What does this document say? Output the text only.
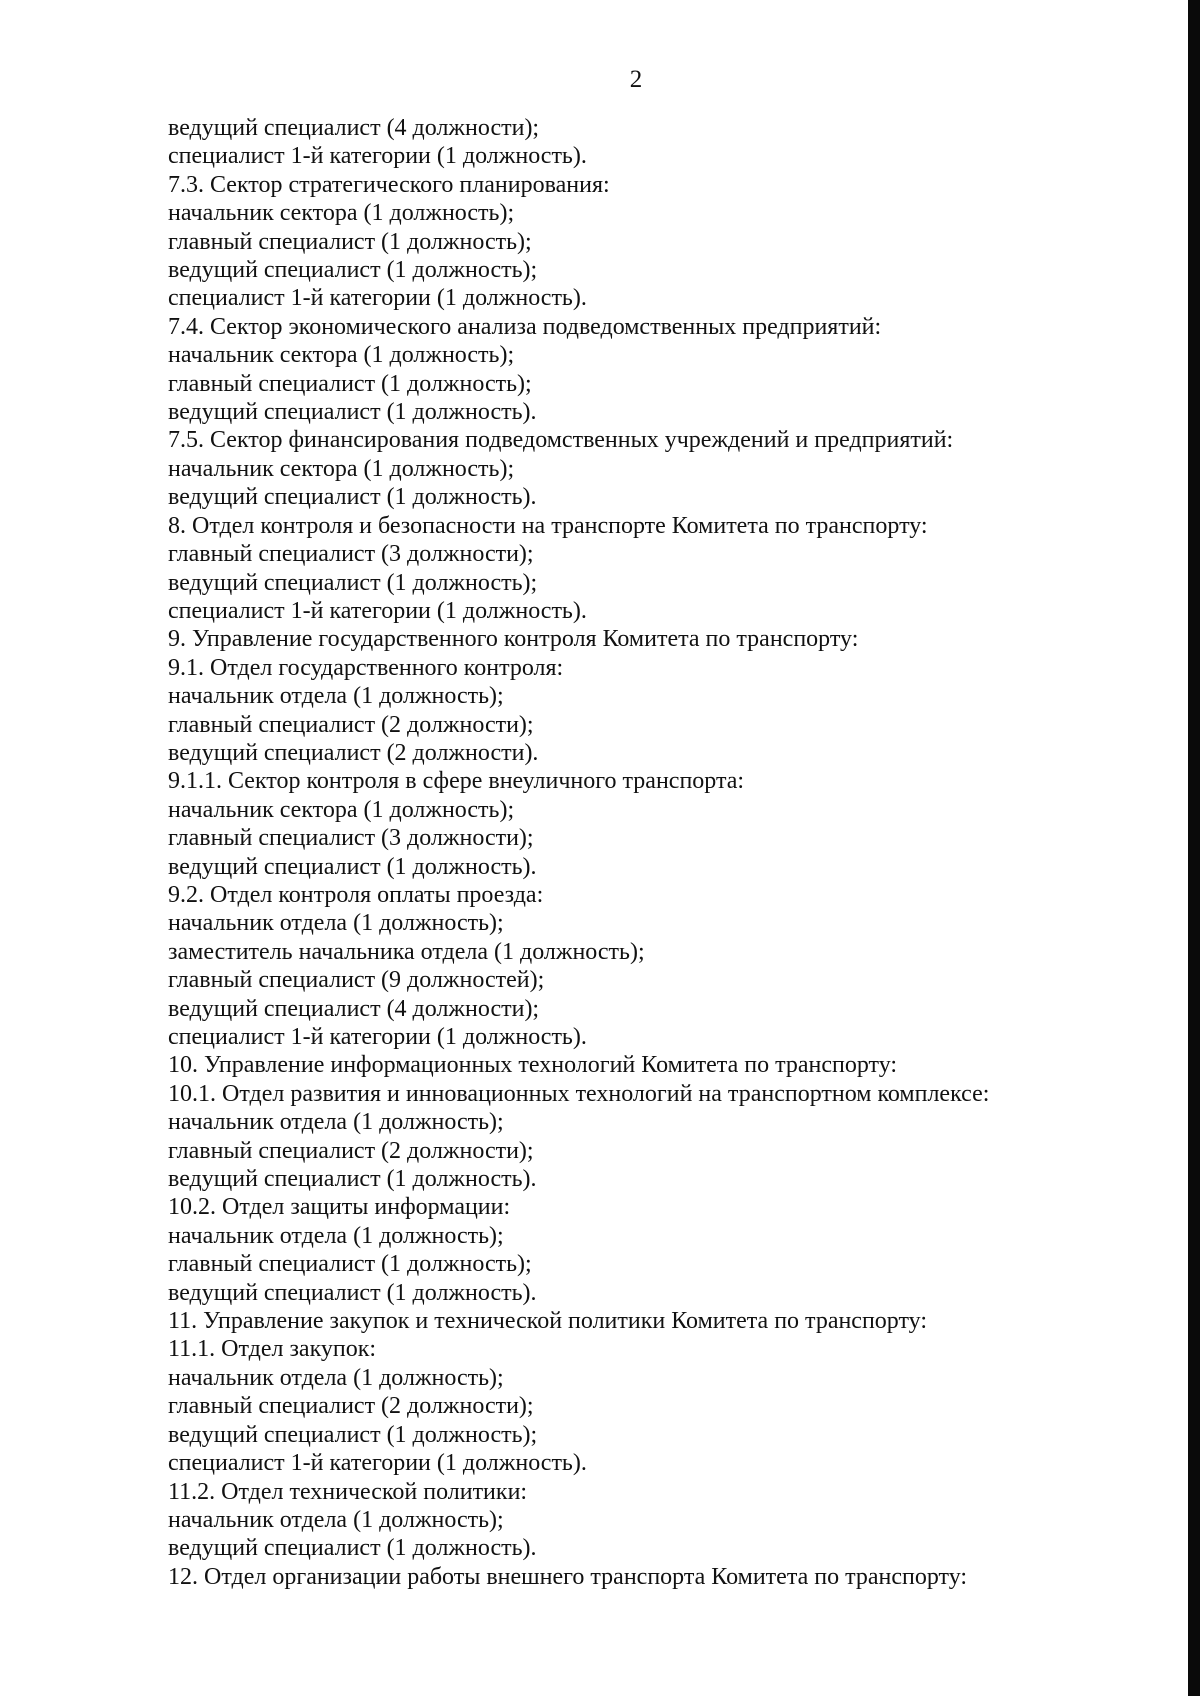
2
ведущий специалист (4 должности);
специалист 1-й категории (1 должность).
7.3. Сектор стратегического планирования:
начальник сектора (1 должность);
главный специалист (1 должность);
ведущий специалист (1 должность);
специалист 1-й категории (1 должность).
7.4. Сектор экономического анализа подведомственных предприятий:
начальник сектора (1 должность);
главный специалист (1 должность);
ведущий специалист (1 должность).
7.5. Сектор финансирования подведомственных учреждений и предприятий:
начальник сектора (1 должность);
ведущий специалист (1 должность).
8. Отдел контроля и безопасности на транспорте Комитета по транспорту:
главный специалист (3 должности);
ведущий специалист (1 должность);
специалист 1-й категории (1 должность).
9. Управление государственного контроля Комитета по транспорту:
9.1. Отдел государственного контроля:
начальник отдела (1 должность);
главный специалист (2 должности);
ведущий специалист (2 должности).
9.1.1. Сектор контроля в сфере внеуличного транспорта:
начальник сектора (1 должность);
главный специалист (3 должности);
ведущий специалист (1 должность).
9.2. Отдел контроля оплаты проезда:
начальник отдела (1 должность);
заместитель начальника отдела (1 должность);
главный специалист (9 должностей);
ведущий специалист (4 должности);
специалист 1-й категории (1 должность).
10. Управление информационных технологий Комитета по транспорту:
10.1. Отдел развития и инновационных технологий на транспортном комплексе:
начальник отдела (1 должность);
главный специалист (2 должности);
ведущий специалист (1 должность).
10.2. Отдел защиты информации:
начальник отдела (1 должность);
главный специалист (1 должность);
ведущий специалист (1 должность).
11. Управление закупок и технической политики Комитета по транспорту:
11.1. Отдел закупок:
начальник отдела (1 должность);
главный специалист (2 должности);
ведущий специалист (1 должность);
специалист 1-й категории (1 должность).
11.2. Отдел технической политики:
начальник отдела (1 должность);
ведущий специалист (1 должность).
12. Отдел организации работы внешнего транспорта Комитета по транспорту:
